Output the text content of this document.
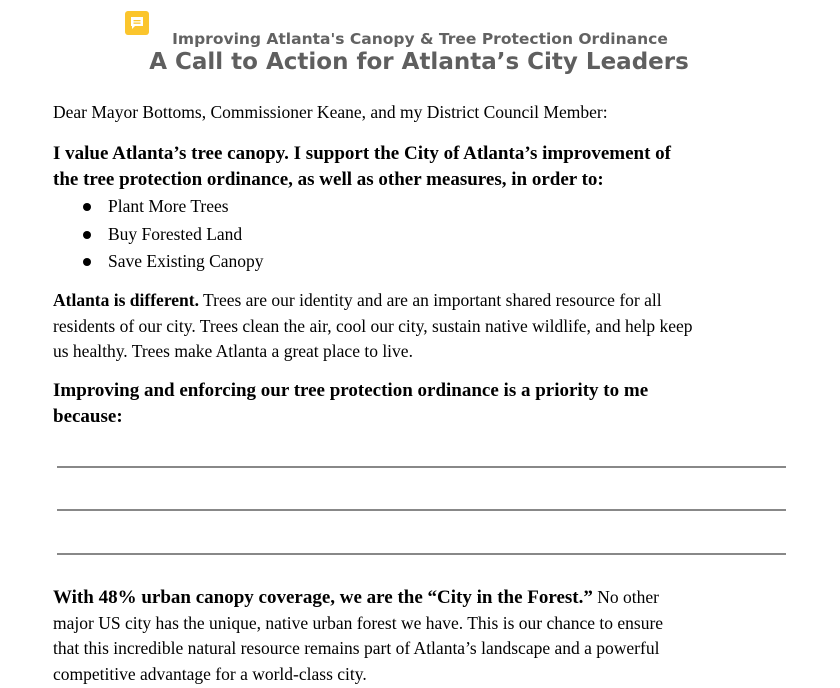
Improving Atlanta's Canopy & Tree Protection Ordinance
A Call to Action for Atlanta’s City Leaders

Dear Mayor Bottoms, Commissioner Keane, and my District Council Member:

I value Atlanta’s tree canopy. I support the City of Atlanta’s improvement of
the tree protection ordinance, as well as other measures, in order to:

Plant More Trees
Buy Forested Land
Save Existing Canopy

Atlanta is different. Trees are our identity and are an important shared resource for all
residents of our city. Trees clean the air, cool our city, sustain native wildlife, and help keep
us healthy. Trees make Atlanta a great place to live.

Improving and enforcing our tree protection ordinance is a priority to me
because:

With 48% urban canopy coverage, we are the “City in the Forest.” No other
major US city has the unique, native urban forest we have. This is our chance to ensure
that this incredible natural resource remains part of Atlanta’s landscape and a powerful
competitive advantage for a world-class city.
